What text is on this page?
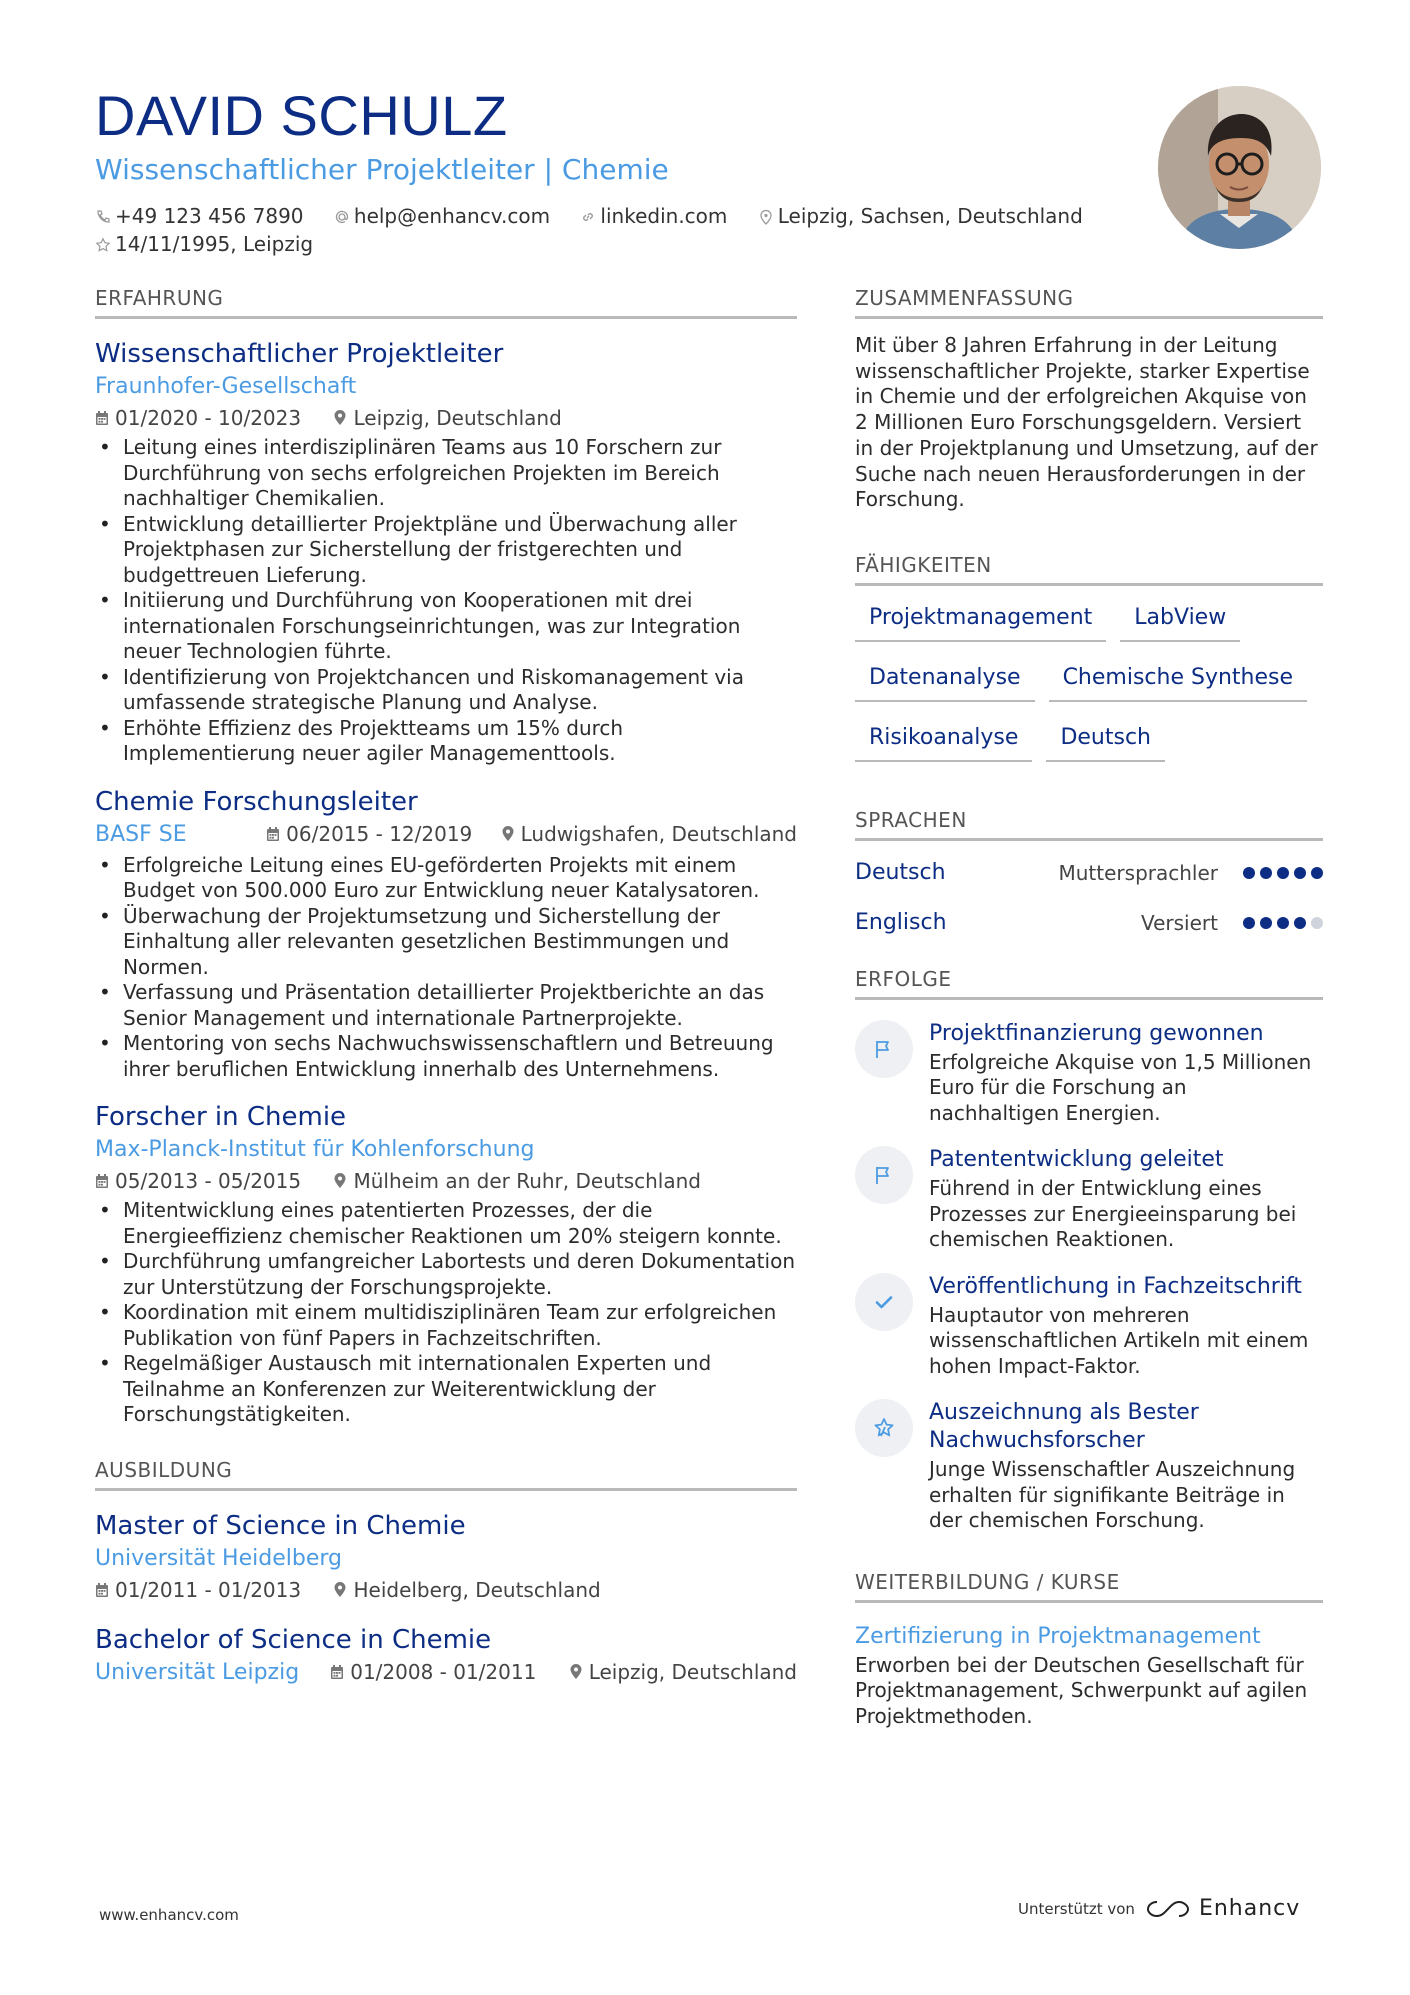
DAVID SCHULZ
Wissenschaftlicher Projektleiter | Chemie
+49 123 456 7890	help@enhancv.com	linkedin.com	Leipzig, Sachsen, Deutschland 14/11/1995, Leipzig
ERFAHRUNG
Wissenschaftlicher Projektleiter
Fraunhofer-Gesellschaft
01/2020 - 10/2023	Leipzig, Deutschland
• Leitung eines interdisziplinären Teams aus 10 Forschern zur Durchführung von sechs erfolgreichen Projekten im Bereich nachhaltiger Chemikalien.
• Entwicklung detaillierter Projektpläne und Überwachung aller Projektphasen zur Sicherstellung der fristgerechten und budgettreuen Lieferung.
• Initiierung und Durchführung von Kooperationen mit drei internationalen Forschungseinrichtungen, was zur Integration neuer Technologien führte.
• Identifizierung von Projektchancen und Riskomanagement via umfassende strategische Planung und Analyse.
• Erhöhte Effizienz des Projektteams um 15% durch Implementierung neuer agiler Managementtools.
Chemie Forschungsleiter
BASF SE	06/2015 - 12/2019 Ludwigshafen, Deutschland
• Erfolgreiche Leitung eines EU-geförderten Projekts mit einem Budget von 500.000 Euro zur Entwicklung neuer Katalysatoren.
• Überwachung der Projektumsetzung und Sicherstellung der Einhaltung aller relevanten gesetzlichen Bestimmungen und Normen.
• Verfassung und Präsentation detaillierter Projektberichte an das Senior Management und internationale Partnerprojekte.
• Mentoring von sechs Nachwuchswissenschaftlern und Betreuung ihrer beruflichen Entwicklung innerhalb des Unternehmens.
Forscher in Chemie
Max-Planck-Institut für Kohlenforschung
05/2013 - 05/2015	Mülheim an der Ruhr, Deutschland
• Mitentwicklung eines patentierten Prozesses, der die Energieeffizienz chemischer Reaktionen um 20% steigern konnte.
• Durchführung umfangreicher Labortests und deren Dokumentation zur Unterstützung der Forschungsprojekte.
• Koordination mit einem multidisziplinären Team zur erfolgreichen Publikation von fünf Papers in Fachzeitschriften.
• Regelmäßiger Austausch mit internationalen Experten und Teilnahme an Konferenzen zur Weiterentwicklung der Forschungstätigkeiten.
AUSBILDUNG
Master of Science in Chemie
Universität Heidelberg
01/2011 - 01/2013	Heidelberg, Deutschland
Bachelor of Science in Chemie
Universität Leipzig	01/2008 - 01/2011	Leipzig, Deutschland
ZUSAMMENFASSUNG
Mit über 8 Jahren Erfahrung in der Leitung wissenschaftlicher Projekte, starker Expertise in Chemie und der erfolgreichen Akquise von 2 Millionen Euro Forschungsgeldern. Versiert in der Projektplanung und Umsetzung, auf der Suche nach neuen Herausforderungen in der Forschung.
FÄHIGKEITEN
Projektmanagement	LabView
Datenanalyse	Chemische Synthese
Risikoanalyse	Deutsch
SPRACHEN
Deutsch	Muttersprachler
Englisch	Versiert
ERFOLGE
Projektfinanzierung gewonnen
Erfolgreiche Akquise von 1,5 Millionen Euro für die Forschung an nachhaltigen Energien.
Patententwicklung geleitet
Führend in der Entwicklung eines Prozesses zur Energieeinsparung bei chemischen Reaktionen.
Veröffentlichung in Fachzeitschrift
Hauptautor von mehreren wissenschaftlichen Artikeln mit einem hohen Impact-Faktor.
Auszeichnung als Bester Nachwuchsforscher
Junge Wissenschaftler Auszeichnung erhalten für signifikante Beiträge in der chemischen Forschung.
WEITERBILDUNG / KURSE
Zertifizierung in Projektmanagement
Erworben bei der Deutschen Gesellschaft für Projektmanagement, Schwerpunkt auf agilen Projektmethoden.
www.enhancv.com	Unterstützt von	Enhancv
